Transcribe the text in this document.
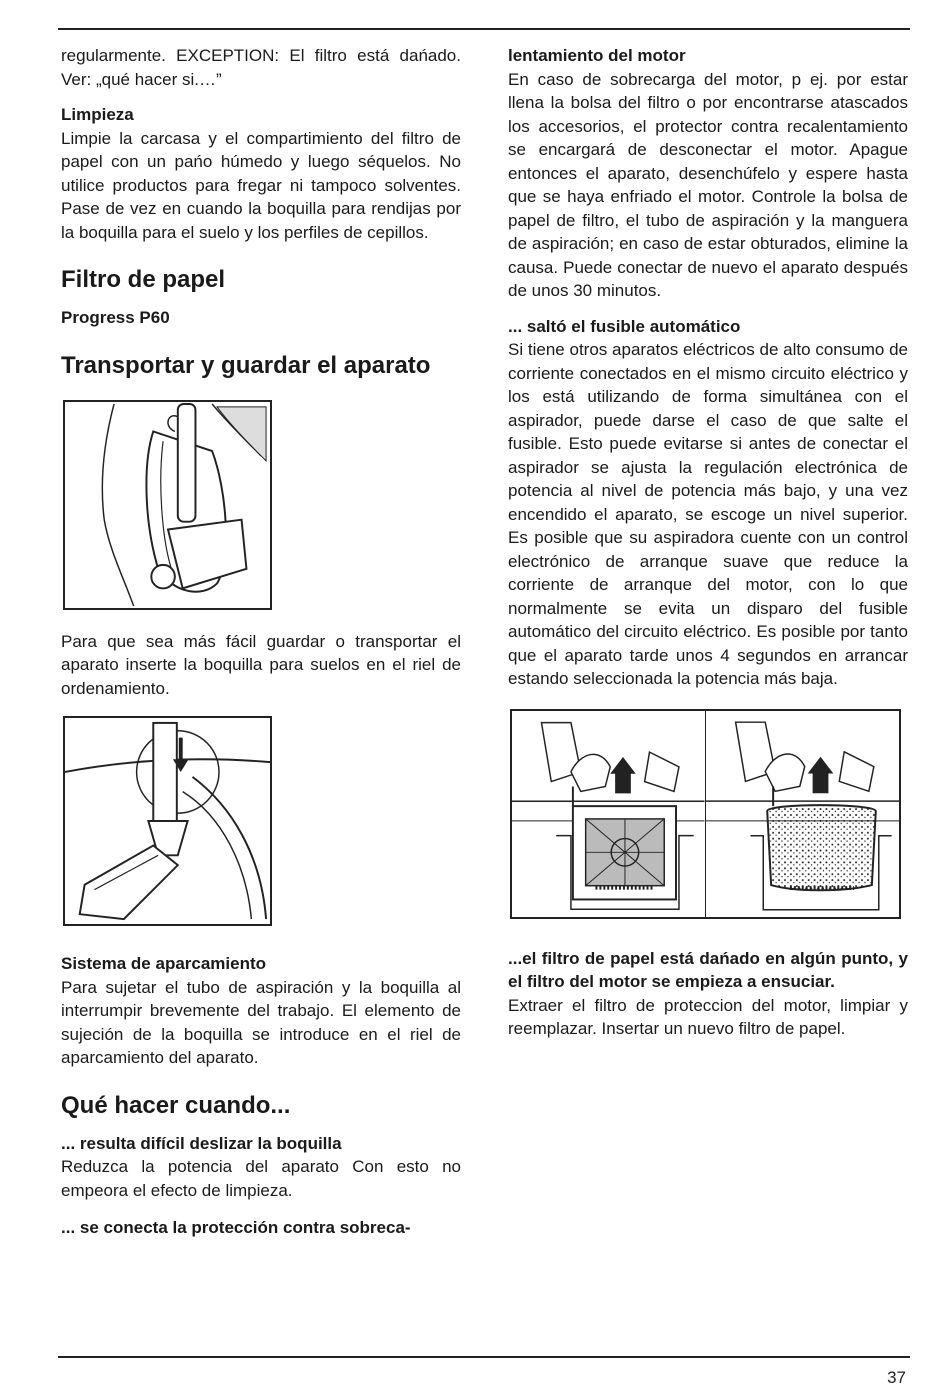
regularmente. EXCEPTION: El filtro está dańado. Ver: „qué hacer si.…”

Limpieza

Limpie la carcasa y el compartimiento del filtro de papel con un pańo húmedo y luego séquelos. No utilice productos para fregar ni tampoco solventes. Pase de vez en cuando la boquilla para rendijas por la boquilla para el suelo y los perfiles de cepillos.

Filtro de papel
Progress P60
Transportar y guardar el aparato

Para que sea más fácil guardar o transportar el aparato inserte la boquilla para suelos en el riel de ordenamiento.

Sistema de aparcamiento

Para sujetar el tubo de aspiración y la boquilla al interrumpir brevemente del trabajo. El elemento de sujeción de la boquilla se introduce en el riel de aparcamiento del aparato.

Qué hacer cuando...
... resulta difícil deslizar la boquilla

Reduzca la potencia del aparato Con esto no empeora el efecto de limpieza.

... se conecta la protección contra sobreca-
lentamiento del motor

En caso de sobrecarga del motor, p ej. por estar llena la bolsa del filtro o por encontrarse atascados los accesorios, el protector contra recalentamiento se encargará de desconectar el motor. Apague entonces el aparato, desenchúfelo y espere hasta que se haya enfriado el motor. Controle la bolsa de papel de filtro, el tubo de aspiración y la manguera de aspiración; en caso de estar obturados, elimine la causa. Puede conectar de nuevo el aparato después de unos 30 minutos.

... saltó el fusible automático

Si tiene otros aparatos eléctricos de alto consumo de corriente conectados en el mismo circuito eléctrico y los está utilizando de forma simultánea con el aspirador, puede darse el caso de que salte el fusible. Esto puede evitarse si antes de conectar el aspirador se ajusta la regulación electrónica de potencia al nivel de potencia más bajo, y una vez encendido el aparato, se escoge un nivel superior. Es posible que su aspiradora cuente con un control electrónico de arranque suave que reduce la corriente de arranque del motor, con lo que normalmente se evita un disparo del fusible automático del circuito eléctrico. Es posible por tanto que el aparato tarde unos 4 segundos en arrancar estando seleccionada la potencia más baja.

...el filtro de papel está dańado en algún punto, y el filtro del motor se empieza a ensuciar.

Extraer el filtro de proteccion del motor, limpiar y reemplazar. Insertar un nuevo filtro de papel.

37
